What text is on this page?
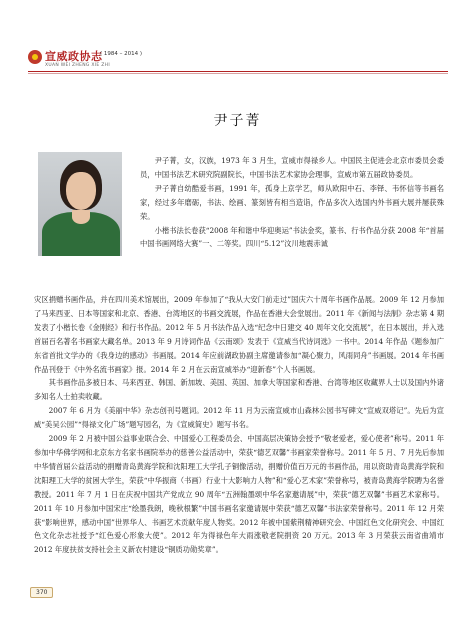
宣威政协志
( 1984 – 2014 )
XUAN WEI ZHENG XIE ZHI
尹子菁

尹子菁，女，汉族，1973 年 3 月生，宣威市得禄乡人。中国民主促进会北京市委员会委员，中国书法艺术研究院副院长，中国书法艺术家协会理事，宣威市第五届政协委员。

尹子菁自幼酷爱书画，1991 年，孤身上京学艺，师从欧阳中石、李铎、韦怀信等书画名家，经过多年磨砺，书法、绘画、篆刻皆有相当造诣，作品多次入选国内外书画大展并屡获殊荣。

小楷书法长卷获“2008 年和谐中华迎奥运”书法金奖，篆书、行书作品分获 2008 年“首届中国书画网络大赛”一、二等奖。四川“5.12”汶川地震赤诚

灾区捐赠书画作品，并在四川美术馆展出，2009 年参加了“我从大安门前走过”国庆六十周年书画作品展。2009 年 12 月参加了马来西亚、日本等国家和北京、香港、台湾地区的书画交流展，作品在香港大会堂展出。2011 年《新闻与法制》杂志第 4 期发表了小楷长卷《金刚经》和行书作品。2012 年 5 月书法作品入选“纪念中日建交 40 周年文化交流展”，在日本展出，并入选首届百名著名书画家大藏名单。2013 年 9 月诗词作品《云南颂》发表于《宣威当代诗词选》一书中。2014 年作品《题参加广东省首批文学办的《我身边的感动》书画展。2014 年应前湖政协副主席邀请参加“凝心聚力，风雨同舟”书画展。2014 年书画作品刊登于《中外名流书画家》报。2014 年 2 月在云南宣威举办“迎新春”个人书画展。

其书画作品多被日本、马来西亚、韩国、新加坡、美国、英国、加拿大等国家和香港、台湾等地区收藏界人士以及国内外诸多知名人士拍卖收藏。

2007 年 6 月为《美丽中华》杂志创刊号题词。2012 年 11 月为云南宣威市山森林公园书写碑文“宣威双塔记”。先后为宣威“美吴公园”“得禄文化广场”题写园名，为《宣威简史》题写书名。

2009 年 2 月被中国公益事业联合会、中国爱心工程委员会、中国高层决策协会授予“敬老爱老，爱心使者”称号。2011 年参加中华佛学网和北京东方名家书画院举办的慈善公益活动中，荣获“德艺双馨”书画家荣誉称号。2011 年 5 月、7 月先后参加中华情首届公益活动的捐赠青岛黄海学院和沈阳理工大学孔子铜像活动，捐赠价值百万元的书画作品，用以资助青岛黄海学院和沈阳理工大学的贫困大学生，荣获“中华振商（书画）行业十大影响力人物”和“爱心艺术家”荣誉称号，被青岛黄海学院聘为名誉教授。2011 年 7 月 1 日在庆祝中国共产党成立 90 周年“五洲翰墨颂中华名家邀请展”中，荣获“德艺双馨”书画艺术家称号。2011 年 10 月参加中国宋庄“绘墨我朗，晚秋根繁”中国书画名家邀请展中荣获“德艺双馨”书法家荣誉称号。2011 年 12 月荣获“影响世界，感动中国”世界华人、书画艺术贡献年度人物奖。2012 年被中国紫荆精神研究会、中国红色文化研究会、中国红色文化杂志社授予“红色爱心形象大使”。2012 年为得禄色年大雨涨敬老院捐资 20 万元。2013 年 3 月荣获云南省曲靖市 2012 年度扶贫支持社会主义新农村建设“铜质功勋奖章”。

370
